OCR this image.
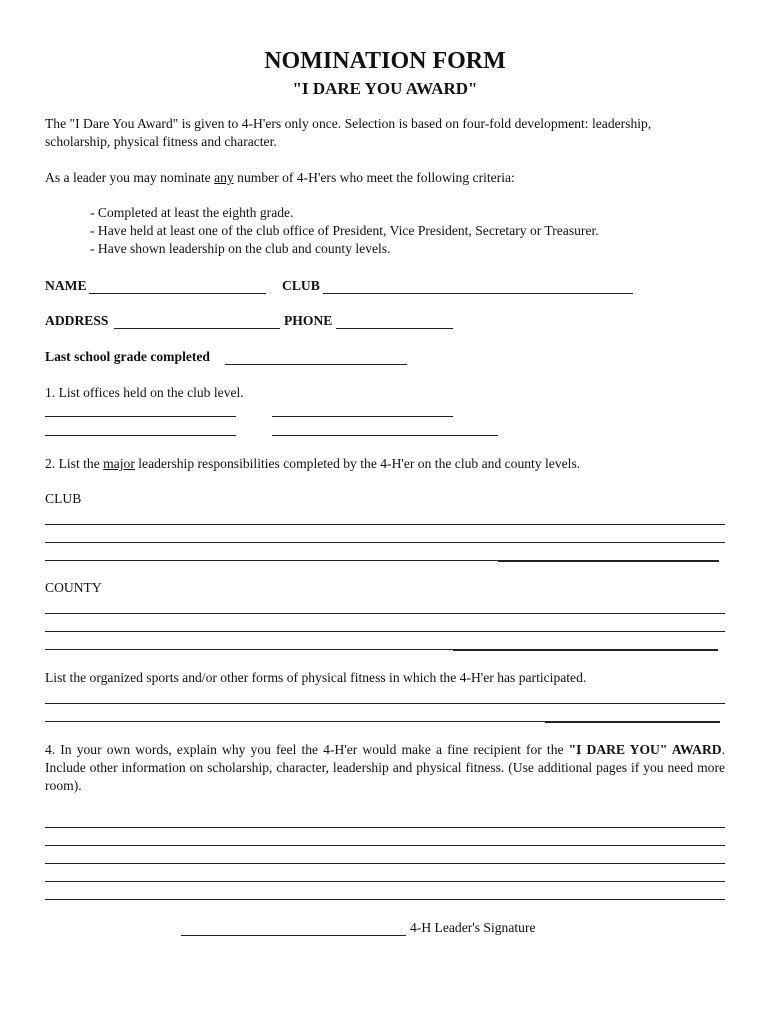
NOMINATION FORM
"I DARE YOU AWARD"
The "I Dare You Award" is given to 4-H'ers only once. Selection is based on four-fold development: leadership,
scholarship, physical fitness and character.
As a leader you may nominate any number of 4-H'ers who meet the following criteria:
- Completed at least the eighth grade.
- Have held at least one of the club office of President, Vice President, Secretary or Treasurer.
- Have shown leadership on the club and county levels.
NAME	CLUB
ADDRESS	PHONE
Last school grade completed
1. List offices held on the club level.
2. List the major leadership responsibilities completed by the 4-H'er on the club and county levels.
CLUB
COUNTY
List the organized sports and/or other forms of physical fitness in which the 4-H'er has participated.
4. In your own words, explain why you feel the 4-H'er would make a fine recipient for the "I DARE YOU" AWARD. Include other information on scholarship, character, leadership and physical fitness. (Use additional pages if you need more room).
4-H Leader's Signature
